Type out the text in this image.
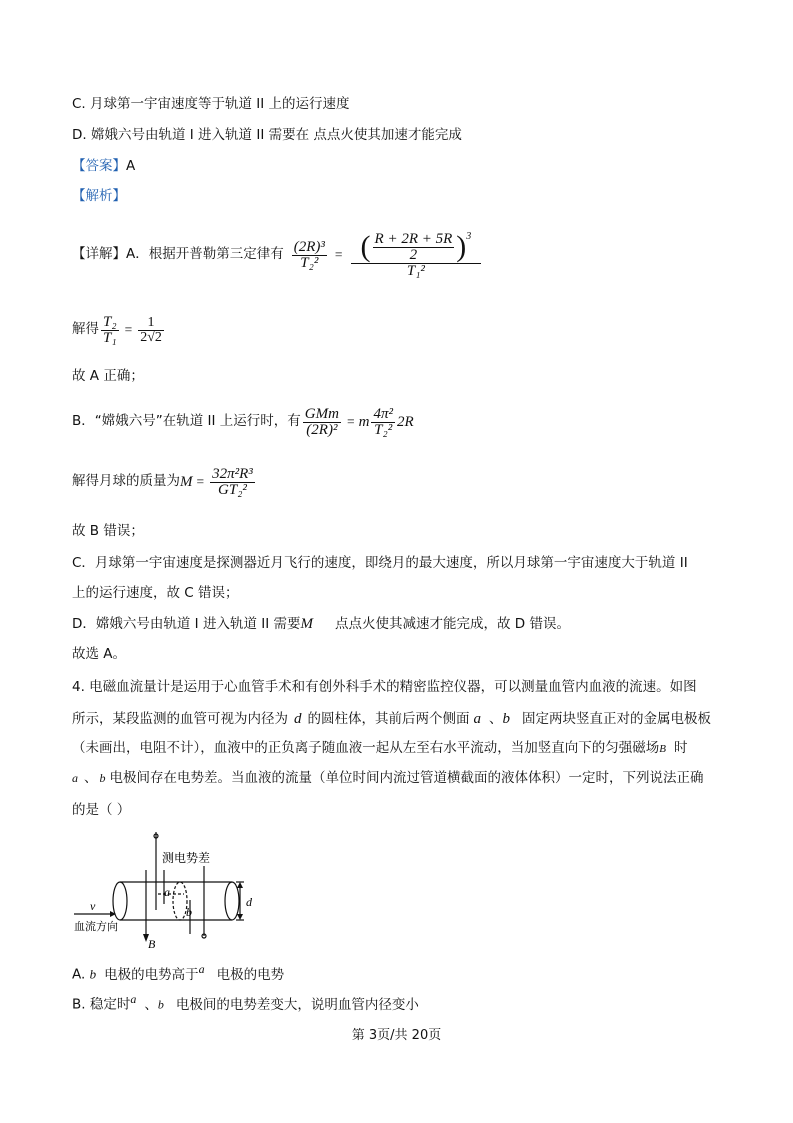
C. 月球第一宇宙速度等于轨道 II 上的运行速度
D. 嫦娥六号由轨道 I 进入轨道 II 需要在 点点火使其加速才能完成
【答案】A
【解析】
【详解】 A．根据开普勒第三定律有 $\frac{\text{(2R)³}}{\text{T₂²}}$ = ( $\frac{R + 2R + 5R}{2} )^3$
T₁²
解得 $\frac{\text{T₂}}{\text{T₁}} = \frac{1}{2√2}$
故 A 正确；
B．“嫦娥六号”在轨道 II 上运行时，有 $\frac{\text{GMm}}{\text{(2R)²}} = m \frac{\text{4π²}}{\text{T₂²}} 2R$
解得月球的质量为 $M = \frac{\text{32π²R³}}{\text{GT₂²}}$
故 B 错误；
C．月球第一宇宙速度是探测器近月飞行的速度，即绕月的最大速度，所以月球第一宇宙速度大于轨道 II
上的运行速度，故 C 错误；
D．嫦娥六号由轨道 I 进入轨道 II 需要M 点点火使其减速才能完成，故 D 错误。
故选 A。
4. 电磁血流量计是运用于心血管手术和有创外科手术的精密监控仪器，可以测量血管内血液的流速。如图
所示，某段监测的血管可视为内径为 d 的圆柱体，其前后两个侧面 a 、b 固定两块竖直正对的金属电极板
（未画出，电阻不计），血液中的正负离子随血液一起从左至右水平流动，当加竖直向下的匀强磁场B 时
a 、 b 电极间存在电势差。当血液的流量（单位时间内流过管道横截面的液体体积）一定时，下列说法正确
的是（ ）
测电势差
v
血流方向
a
b
d
B
A. b 电极的电势高于a 电极的电势
B. 稳定时a 、b 电极间的电势差变大，说明血管内径变小
第 3页/共 20页
